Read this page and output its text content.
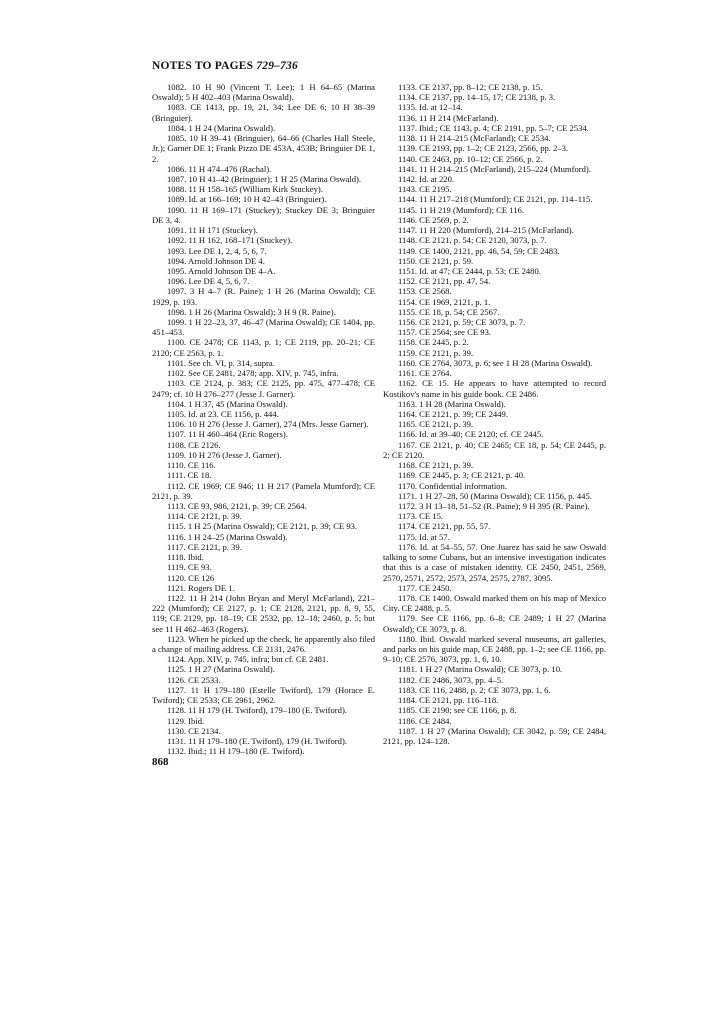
NOTES TO PAGES 729–736

1082. 10 H 90 (Vincent T. Lee); 1 H 64–65 (Marina Oswald); 5 H 402–403 (Marina Oswald).

1083. CE 1413, pp. 19, 21, 34; Lee DE 6; 10 H 38–39 (Bringuier).

1084. 1 H 24 (Marina Oswald).

1085. 10 H 39–41 (Bringuier), 64–66 (Charles Hall Steele, Jr.); Garner DE 1; Frank Pizzo DE 453A, 453B; Bringuier DE 1, 2.

1086. 11 H 474–476 (Rachal).

1087. 10 H 41–42 (Bringuier); 1 H 25 (Marina Oswald).

1088. 11 H 158–165 (William Kirk Stuckey).

1089. Id. at 166–169; 10 H 42–43 (Bringuier).

1090. 11 H 169–171 (Stuckey); Stuckey DE 3; Bringuier DE 3, 4.

1091. 11 H 171 (Stuckey).

1092. 11 H 162, 168–171 (Stuckey).

1093. Lee DE 1, 2, 4, 5, 6, 7.

1094. Arnold Johnson DE 4.

1095. Arnold Johnson DE 4–A.

1096. Lee DE 4, 5, 6, 7.

1097. 3 H 4–7 (R. Paine); 1 H 26 (Marina Oswald); CE 1929, p. 193.

1098. 1 H 26 (Marina Oswald); 3 H 9 (R. Paine).

1099. 1 H 22–23, 37, 46–47 (Marina Oswald); CE 1404, pp. 451–453.

1100. CE 2478; CE 1143, p. 1; CE 2119, pp. 20–21; CE 2120; CE 2563, p. 1.

1101. See ch. VI, p. 314, supra.

1102. See CE 2481, 2478; app. XIV, p. 745, infra.

1103. CE 2124, p. 383; CE 2125, pp. 475, 477–478; CE 2479; cf. 10 H 276–277 (Jesse J. Garner).

1104. 1 H 37, 45 (Marina Oswald).

1105. Id. at 23. CE 1156, p. 444.

1106. 10 H 276 (Jesse J. Garner), 274 (Mrs. Jesse Garner).

1107. 11 H 460–464 (Eric Rogers).

1108. CE 2126.

1109. 10 H 276 (Jesse J. Garner).

1110. CE 116.

1111. CE 18.

1112. CE 1969; CE 946; 11 H 217 (Pamela Mumford); CE 2121, p. 39.

1113. CE 93, 986, 2121, p. 39; CE 2564.

1114. CE 2121, p. 39.

1115. 1 H 25 (Marina Oswald); CE 2121, p. 39; CE 93.

1116. 1 H 24–25 (Marina Oswald).

1117. CE 2121, p. 39.

1118. Ibid.

1119. CE 93.

1120. CE 126

1121. Rogers DE 1.

1122. 11 H 214 (John Bryan and Meryl McFarland), 221–222 (Mumford); CE 2127, p. 1; CE 2128, 2121, pp. 8, 9, 55, 119; CE 2129, pp. 18–19; CE 2532, pp. 12–18; 2460, p. 5; but see 11 H 462–463 (Rogers).

1123. When he picked up the check, he apparently also filed a change of mailing address. CE 2131, 2476.

1124. App. XIV, p. 745, infra; but cf. CE 2481.

1125. 1 H 27 (Marina Oswald).

1126. CE 2533.

1127. 11 H 179–180 (Estelle Twiford), 179 (Horace E. Twiford); CE 2533; CE 2961, 2962.

1128. 11 H 179 (H. Twiford), 179–180 (E. Twiford).

1129. Ibid.

1130. CE 2134.

1131. 11 H 179–180 (E. Twiford), 179 (H. Twiford).

1132. Ibid.; 11 H 179–180 (E. Twiford).

1133. CE 2137, pp. 8–12; CE 2138, p. 15.

1134. CE 2137, pp. 14–15, 17; CE 2138, p. 3.

1135. Id. at 12–14.

1136. 11 H 214 (McFarland).

1137. Ibid.; CE 1143, p. 4; CE 2191, pp. 5–7; CE 2534.

1138. 11 H 214–215 (McFarland); CE 2534.

1139. CE 2193, pp. 1–2; CE 2123, 2566, pp. 2–3.

1140. CE 2463, pp. 10–12; CE 2566, p. 2.

1141. 11 H 214–215 (McFarland), 215–224 (Mumford).

1142. Id. at 220.

1143. CE 2195.

1144. 11 H 217–218 (Mumford); CE 2121, pp. 114–115.

1145. 11 H 219 (Mumford); CE 116.

1146. CE 2569, p. 2.

1147. 11 H 220 (Mumford), 214–215 (McFarland).

1148. CE 2121, p. 54; CE 2120, 3073, p. 7.

1149. CE 1400, 2121, pp. 46, 54, 59; CE 2483.

1150. CE 2121, p. 59.

1151. Id. at 47; CE 2444, p. 53; CE 2480.

1152. CE 2121, pp. 47, 54.

1153. CE 2568.

1154. CE 1969, 2121, p. 1.

1155. CE 18, p. 54; CE 2567.

1156. CE 2121, p. 59; CE 3073, p. 7.

1157. CE 2564; see CE 93.

1158. CE 2445, p. 2.

1159. CE 2121, p. 39.

1160. CE 2764, 3073, p. 6; see 1 H 28 (Marina Oswald).

1161. CE 2764.

1162. CE 15. He appears to have attempted to record Kostikov's name in his guide book. CE 2486.

1163. 1 H 28 (Marina Oswald).

1164. CE 2121, p. 39; CE 2449.

1165. CE 2121, p. 39.

1166. Id. at 39–40; CE 2120; cf. CE 2445.

1167. CE 2121, p. 40; CE 2465; CE 18, p. 54; CE 2445, p. 2; CE 2120.

1168. CE 2121, p. 39.

1169. CE 2445, p. 3; CE 2121, p. 40.

1170. Confidential information.

1171. 1 H 27–28, 50 (Marina Oswald); CE 1156, p. 445.

1172. 3 H 13–18, 51–52 (R. Paine); 9 H 395 (R. Paine).

1173. CE 15.

1174. CE 2121, pp. 55, 57.

1175. Id. at 57.

1176. Id. at 54–55, 57. One Juarez has said he saw Oswald talking to some Cubans, but an intensive investigation indicates that this is a case of mistaken identity. CE 2450, 2451, 2569, 2570, 2571, 2572, 2573, 2574, 2575, 2787, 3095.

1177. CE 2450.

1178. CE 1400. Oswald marked them on his map of Mexico City. CE 2488, p. 5.

1179. See CE 1166, pp. 6–8; CE 2489; 1 H 27 (Marina Oswald); CE 3073, p. 8.

1180. Ibid. Oswald marked several museums, art galleries, and parks on his guide map, CE 2488, pp. 1–2; see CE 1166, pp. 9–10; CE 2576, 3073, pp. 1, 6, 10.

1181. 1 H 27 (Marina Oswald); CE 3073, p. 10.

1182. CE 2486, 3073, pp. 4–5.

1183. CE 116, 2488, p. 2; CE 3073, pp. 1, 6.

1184. CE 2121, pp. 116–118.

1185. CE 2190; see CE 1166, p. 8.

1186. CE 2484.

1187. 1 H 27 (Marina Oswald); CE 3042, p. 59; CE 2484, 2121, pp. 124–128.

868
